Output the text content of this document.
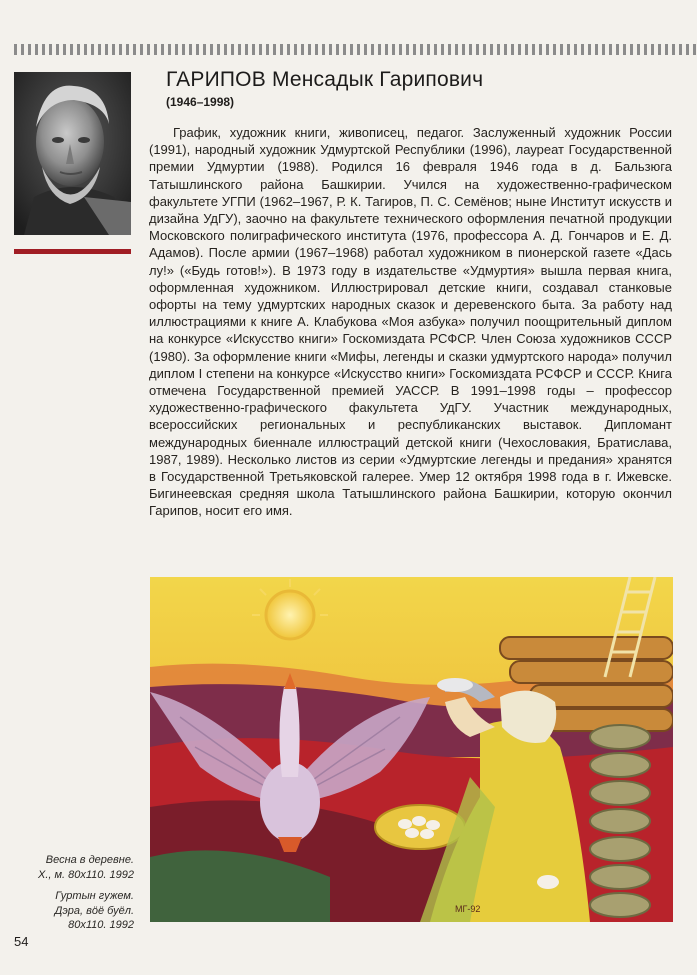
ГАРИПОВ Менсадык Гарипович
(1946–1998)

График, художник книги, живописец, педагог. Заслуженный художник России (1991), народный художник Удмуртской Республики (1996), лауреат Государственной премии Удмуртии (1988). Родился 16 февраля 1946 года в д. Бальзюга Татышлинского района Башкирии. Учился на художественно-графическом факультете УГПИ (1962–1967, Р. К. Тагиров, П. С. Семёнов; ныне Институт искусств и дизайна УдГУ), заочно на факультете технического оформления печатной продукции Московского полиграфического института (1976, профессора А. Д. Гончаров и Е. Д. Адамов). После армии (1967–1968) работал художником в пионерской газете «Дась лу!» («Будь готов!»). В 1973 году в издательстве «Удмуртия» вышла первая книга, оформленная художником. Иллюстрировал детские книги, создавал станковые офорты на тему удмуртских народных сказок и деревенского быта. За работу над иллюстрациями к книге А. Клабукова «Моя азбука» получил поощрительный диплом на конкурсе «Искусство книги» Госкомиздата РСФСР. Член Союза художников СССР (1980). За оформление книги «Мифы, легенды и сказки удмуртского народа» получил диплом I степени на конкурсе «Искусство книги» Госкомиздата РСФСР и СССР. Книга отмечена Государственной премией УАССР. В 1991–1998 годы – профессор художественно-графического факультета УдГУ. Участник международных, всероссийских региональных и республиканских выставок. Дипломант международных биеннале иллюстраций детской книги (Чехословакия, Братислава, 1987, 1989). Несколько листов из серии «Удмуртские легенды и предания» хранятся в Государственной Третьяковской галерее. Умер 12 октября 1998 года в г. Ижевске. Бигинеевская средняя школа Татышлинского района Башкирии, которую окончил Гарипов, носит его имя.

МГ-92
Весна в деревне.
Х., м. 80х110. 1992
Гуртын гужем.
Дэра, вӧё буёл.
80х110. 1992
54
